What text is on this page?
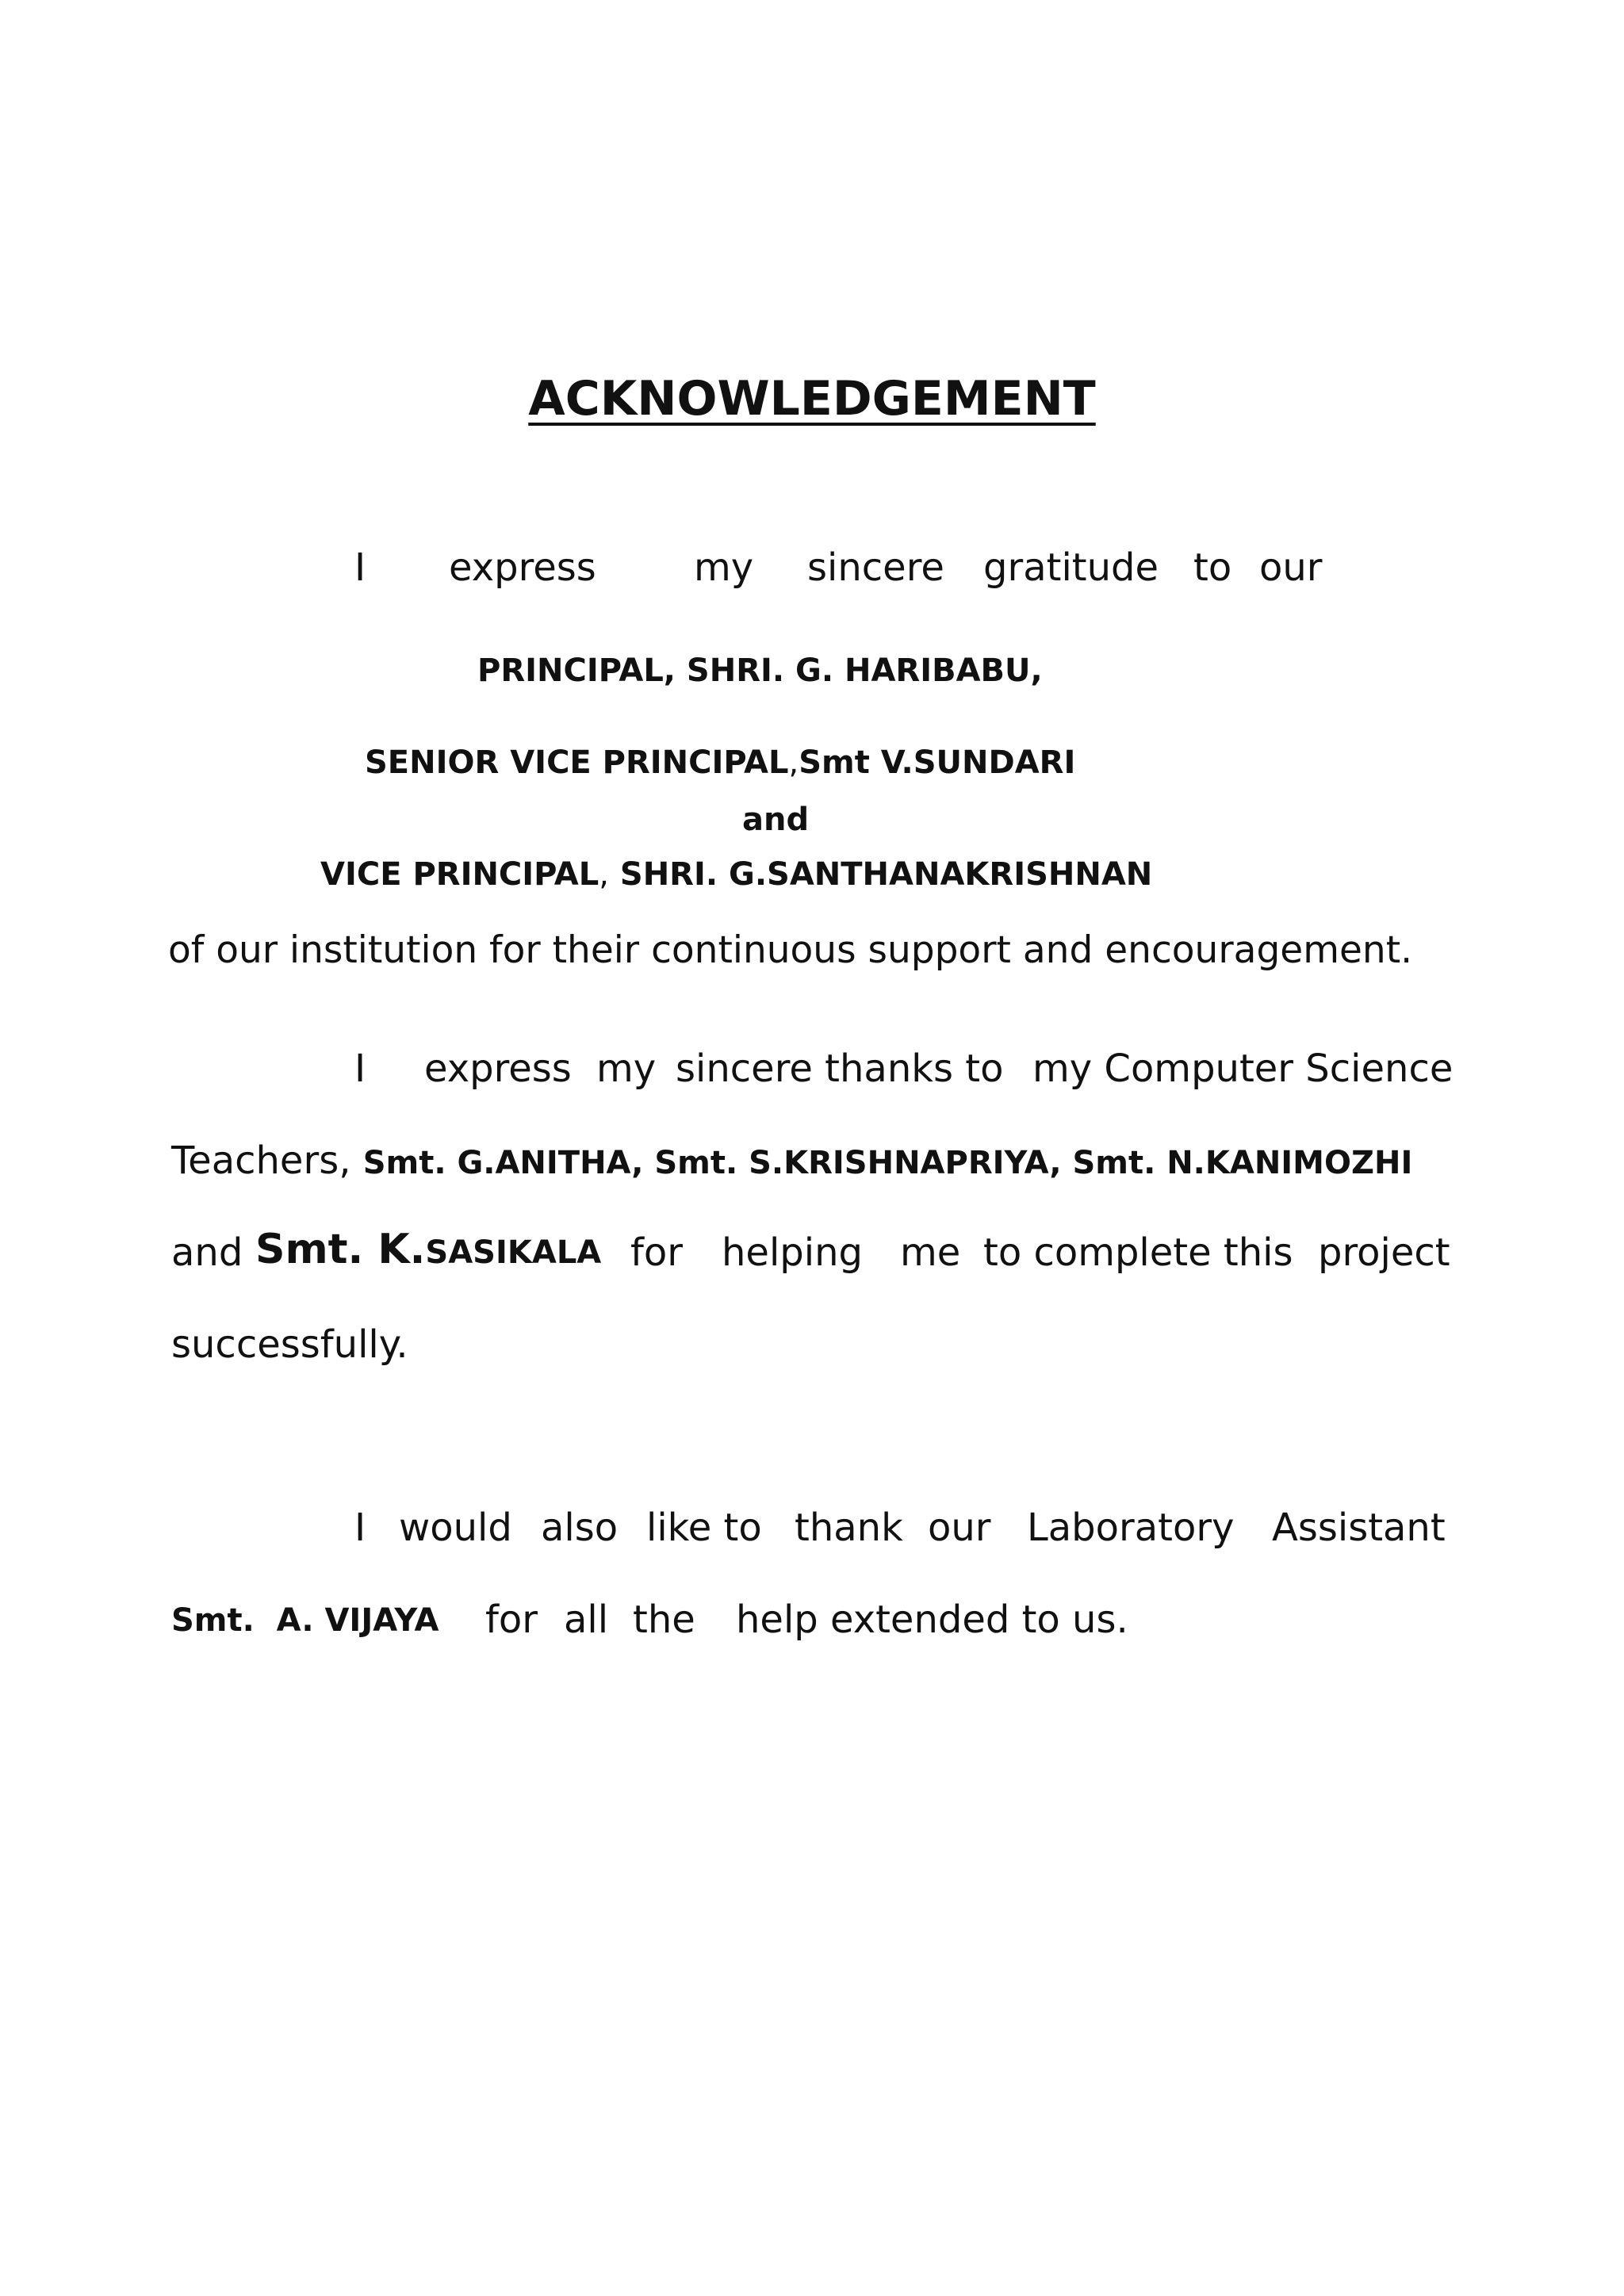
ACKNOWLEDGEMENT
I express	my sincere gratitude to our
PRINCIPAL, SHRI. G. HARIBABU,
SENIOR VICE PRINCIPAL,Smt V.SUNDARI
and
VICE PRINCIPAL, SHRI. G.SANTHANAKRISHNAN
of our institution for their continuous support and encouragement.
I express my sincere thanks to my Computer Science
Teachers, Smt. G.ANITHA, Smt. S.KRISHNAPRIYA, Smt. N.KANIMOZHI
and Smt. K.SASIKALA for helping me to complete this project
successfully.
I would also like to thank our Laboratory Assistant
Smt.  A. VIJAYA for all the help extended to us.
